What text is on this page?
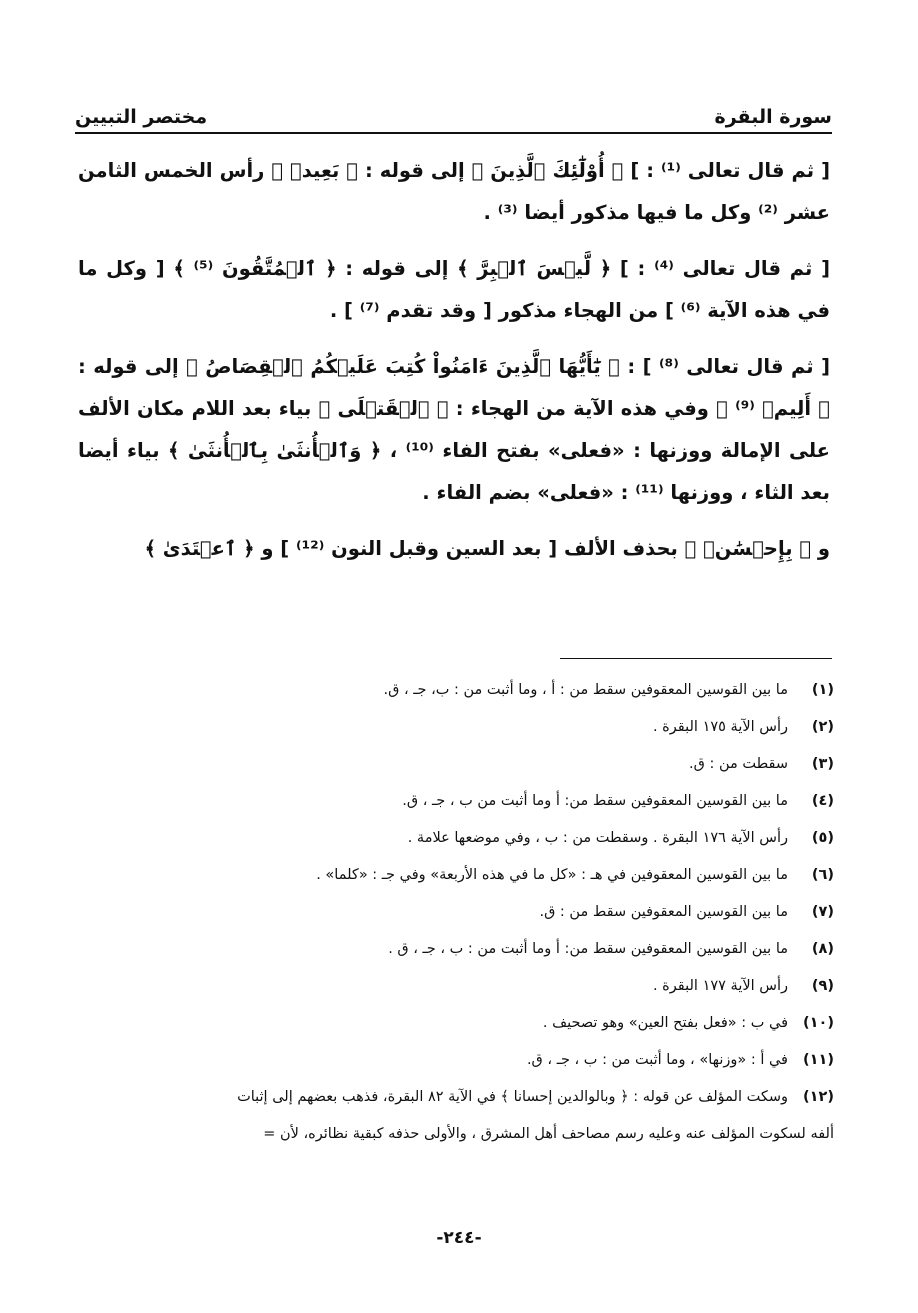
سورة البقرة
مختصر التبيين

[ ثم قال تعالى ⁽¹⁾ : ] ﴿ أُوْلَٰٓئِكَ ٱلَّذِينَ ﴾ إلى قوله : ﴿ بَعِيدٖ ﴾ رأس الخمس الثامن عشر ⁽²⁾ وكل ما فيها مذكور أيضا ⁽³⁾ .

[ ثم قال تعالى ⁽⁴⁾ : ] ﴿ لَّيۡسَ ٱلۡبِرَّ ﴾ إلى قوله : ﴿ ٱلۡمُتَّقُونَ ⁽⁵⁾ ﴾ [ وكل ما في هذه الآية ⁽⁶⁾ ] من الهجاء مذكور [ وقد تقدم ⁽⁷⁾ ] .

[ ثم قال تعالى ⁽⁸⁾ ] : ﴿ يَٰٓأَيُّهَا ٱلَّذِينَ ءَامَنُواْ كُتِبَ عَلَيۡكُمُ ٱلۡقِصَاصُ ﴾ إلى قوله : ﴿ أَلِيمٞ ⁽⁹⁾ ﴾ وفي هذه الآية من الهجاء : ﴿ ٱلۡقَتۡلَى ﴾ بياء بعد اللام مكان الألف على الإمالة ووزنها : «فعلى» بفتح الفاء ⁽¹⁰⁾ ، ﴿ وَٱلۡأُنثَىٰ بِٱلۡأُنثَىٰ ﴾ بياء أيضا بعد الثاء ، ووزنها ⁽¹¹⁾ : «فعلى» بضم الفاء .

و ﴿ بِإِحۡسَٰنٖ ﴾ بحذف الألف [ بعد السين وقبل النون ⁽¹²⁾ ] و ﴿ ٱعۡتَدَىٰ ﴾

(١)
ما بين القوسين المعقوفين سقط من : أ ، وما أثبت من : ب، جـ ، ق.
(٢)
رأس الآية ١٧٥ البقرة .
(٣)
سقطت من : ق.
(٤)
ما بين القوسين المعقوفين سقط من: أ وما أثبت من ب ، جـ ، ق.
(٥)
رأس الآية ١٧٦ البقرة . وسقطت من : ب ، وفي موضعها علامة .
(٦)
ما بين القوسين المعقوفين في هـ : «كل ما في هذه الأربعة» وفي جـ : «كلما» .
(٧)
ما بين القوسين المعقوفين سقط من : ق.
(٨)
ما بين القوسين المعقوفين سقط من: أ وما أثبت من : ب ، جـ ، ق .
(٩)
رأس الآية ١٧٧ البقرة .
(١٠)
في ب : «فعل بفتح العين» وهو تصحيف .
(١١)
في أ : «وزنها» ، وما أثبت من : ب ، جـ ، ق.
(١٢)
وسكت المؤلف عن قوله : ﴿ وبالوالدين إحسانا ﴾ في الآية ٨٢ البقرة، فذهب بعضهم إلى إثبات
ألفه لسكوت المؤلف عنه وعليه رسم مصاحف أهل المشرق ، والأولى حذفه كبقية نظائره، لأن =
-٢٤٤-
